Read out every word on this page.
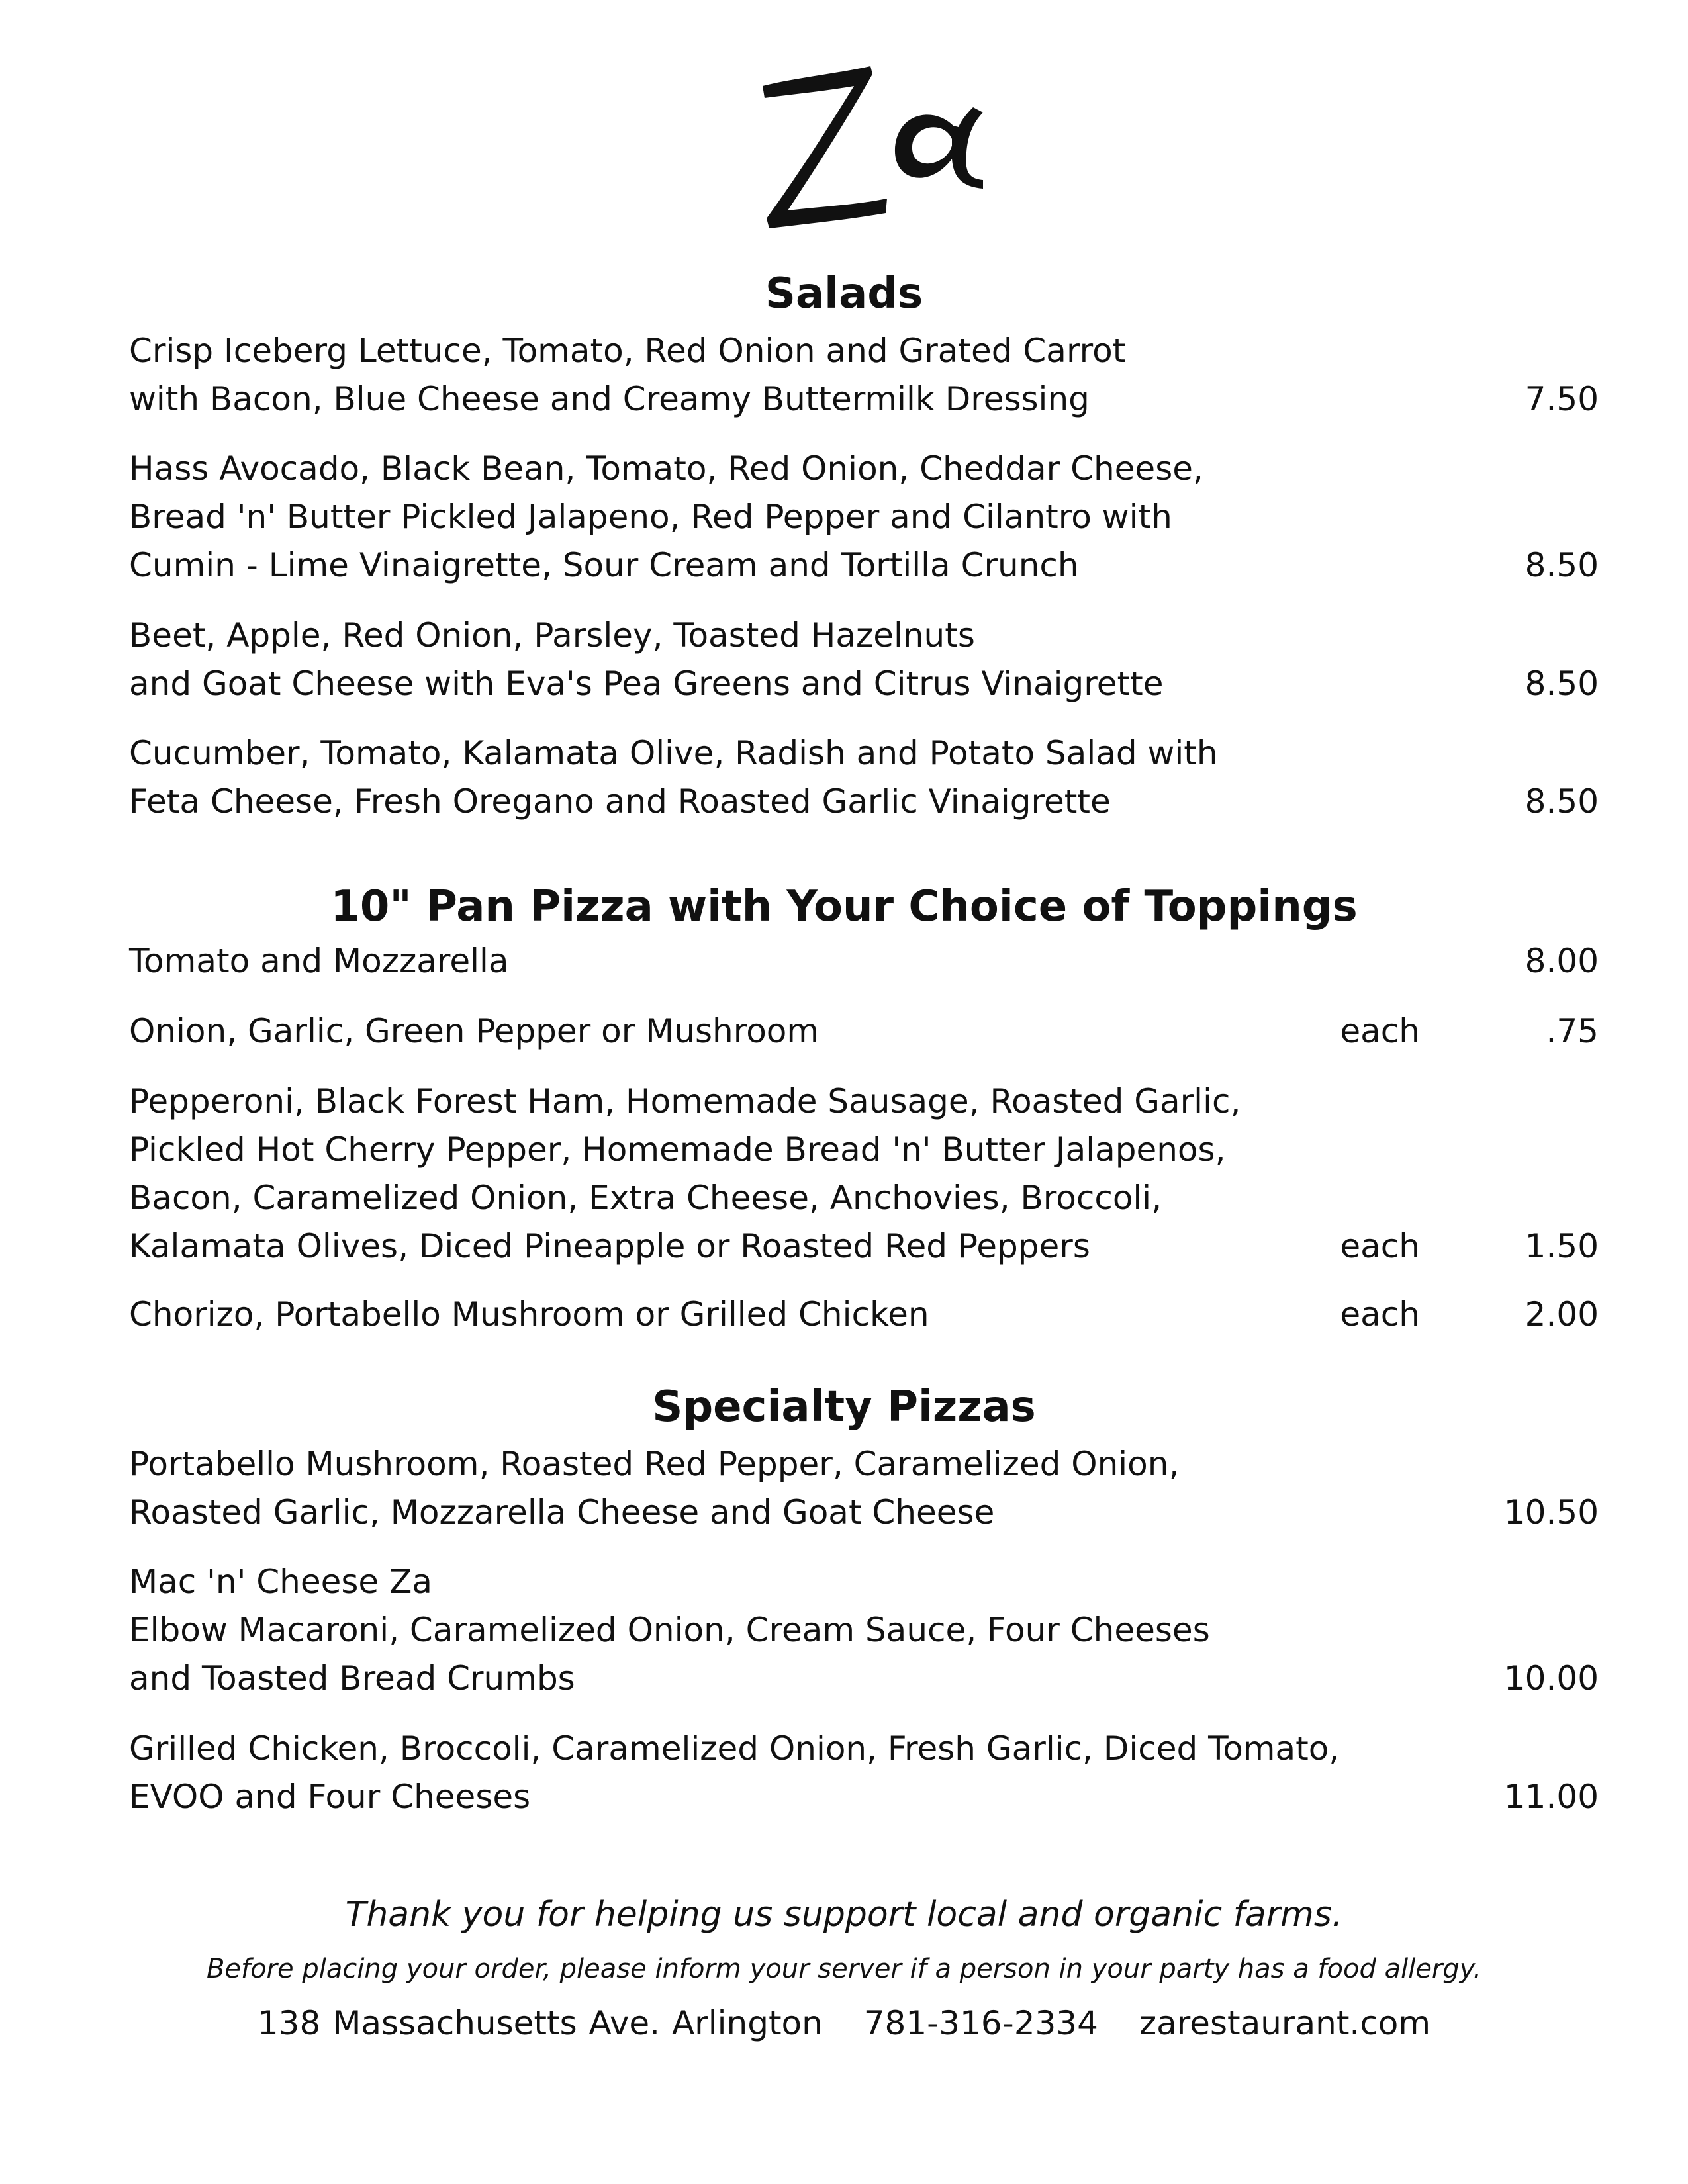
Salads
Crisp Iceberg Lettuce, Tomato, Red Onion and Grated Carrot
with Bacon, Blue Cheese and Creamy Buttermilk Dressing	7.50
Hass Avocado, Black Bean, Tomato, Red Onion, Cheddar Cheese,
Bread 'n' Butter Pickled Jalapeno, Red Pepper and Cilantro with
Cumin - Lime Vinaigrette, Sour Cream and Tortilla Crunch	8.50
Beet, Apple, Red Onion, Parsley, Toasted Hazelnuts
and Goat Cheese with Eva's Pea Greens and Citrus Vinaigrette	8.50
Cucumber, Tomato, Kalamata Olive, Radish and Potato Salad with
Feta Cheese, Fresh Oregano and Roasted Garlic Vinaigrette	8.50
10" Pan Pizza with Your Choice of Toppings
Tomato and Mozzarella	8.00
Onion, Garlic, Green Pepper or Mushroom	each	.75
Pepperoni, Black Forest Ham, Homemade Sausage, Roasted Garlic,
Pickled Hot Cherry Pepper, Homemade Bread 'n' Butter Jalapenos,
Bacon, Caramelized Onion, Extra Cheese, Anchovies, Broccoli,
Kalamata Olives, Diced Pineapple or Roasted Red Peppers	each	1.50
Chorizo, Portabello Mushroom or Grilled Chicken	each	2.00
Specialty Pizzas
Portabello Mushroom, Roasted Red Pepper, Caramelized Onion,
Roasted Garlic, Mozzarella Cheese and Goat Cheese	10.50
Mac 'n' Cheese Za
Elbow Macaroni, Caramelized Onion, Cream Sauce, Four Cheeses
and Toasted Bread Crumbs	10.00
Grilled Chicken, Broccoli, Caramelized Onion, Fresh Garlic, Diced Tomato,
EVOO and Four Cheeses	11.00
Thank you for helping us support local and organic farms.
Before placing your order, please inform your server if a person in your party has a food allergy.
138 Massachusetts Ave. Arlington 781-316-2334 zarestaurant.com
